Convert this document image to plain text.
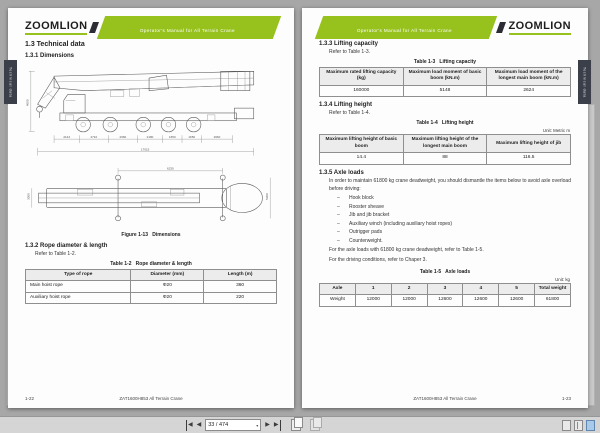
Technical data
ZOOMLION	Operator's Manual for All Terrain Crane
1.3 Technical data
1.3.1 Dimensions
4000
2144	2710	2660	2180	1650	1650	2960
17015
6230
3000	5300
Figure 1-13   Dimensions
1.3.2 Rope diameter & length
Refer to Table 1-2.
Table 1-2   Rope diameter & length
Type of rope	Diameter (mm)	Length (m)
Main hoist rope	Φ20	360
Auxiliary hoist rope	Φ20	220
1-22	ZAT1600H853 All Terrain Crane
Technical data
Operator's Manual for All Terrain Crane	ZOOMLION
1.3.3 Lifting capacity
Refer to Table 1-3.
Table 1-3   Lifting capacity
Maximum rated lifting capacity (kg)	Maximum load moment of basic boom (kN.m)	Maximum load moment of the longest main boom (kN.m)
160000	5148	2624
1.3.4 Lifting height
Refer to Table 1-4.
Table 1-4   Lifting height
Unit: Metric m
Maximum lifting height of basic boom	Maximum lifting height of the longest main boom	Maximum lifting height of jib
14.4	88	116.5
1.3.5 Axle loads
In order to maintain 61800 kg crane deadweight, you should dismantle the items below to avoid axle overload before driving:
– Hook block
– Rooster sheave
– Jib and jib bracket
– Auxiliary winch (including auxiliary hoist ropes)
– Outrigger pads
– Counterweight.
For the axle loads with 61800 kg crane deadweight, refer to Table 1-5.
For the driving conditions, refer to Chaper 3.
Table 1-5   Axle loads
Unit: kg
Axle	1	2	3	4	5	Total weight
Weight	12000	12000	12600	12600	12600	61800
ZAT1600H853 All Terrain Crane	1-23
◀ ◀
33 / 474	▾ ▶ ▶
